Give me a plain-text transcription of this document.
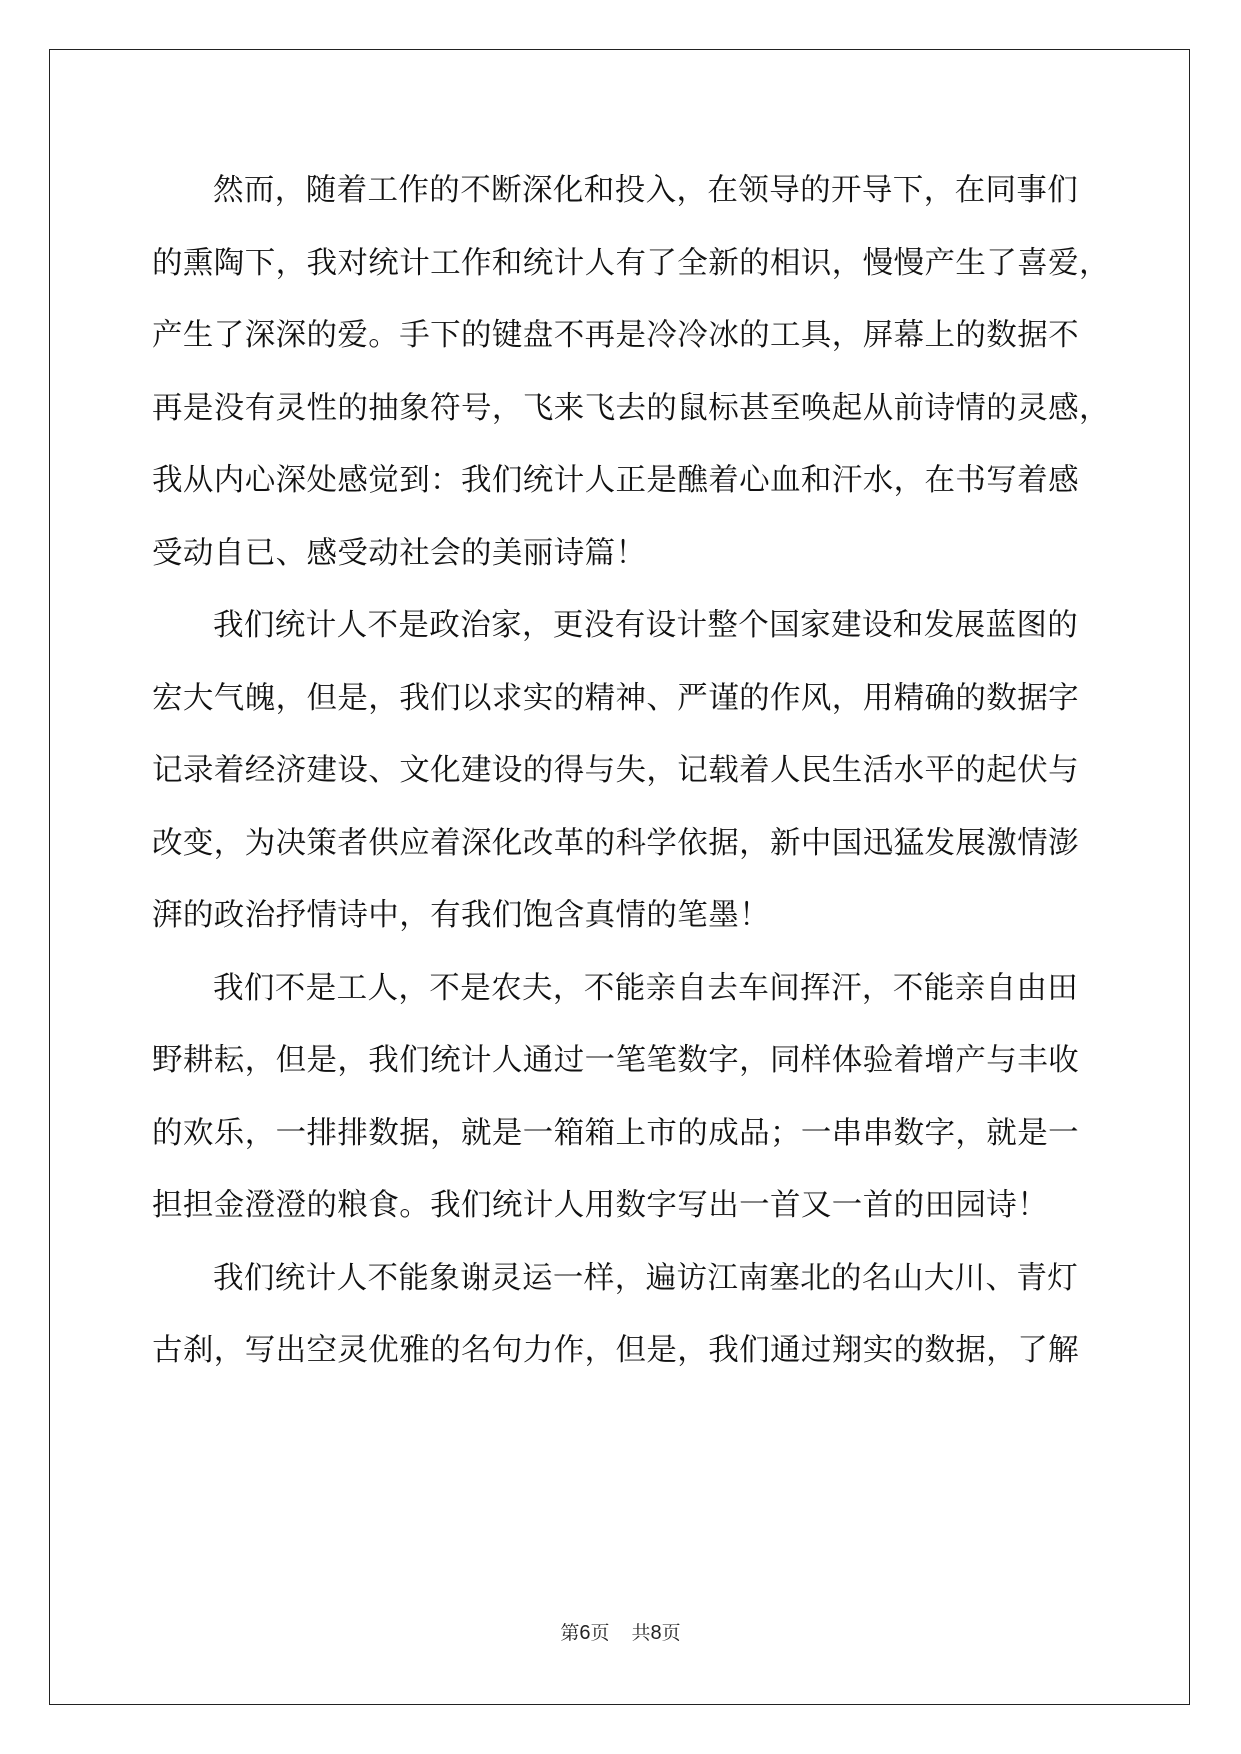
然而，随着工作的不断深化和投入，在领导的开导下，在同事们
的熏陶下，我对统计工作和统计人有了全新的相识，慢慢产生了喜爱，
产生了深深的爱。手下的键盘不再是冷冷冰的工具，屏幕上的数据不
再是没有灵性的抽象符号，飞来飞去的鼠标甚至唤起从前诗情的灵感，
我从内心深处感觉到：我们统计人正是醮着心血和汗水，在书写着感
受动自已、感受动社会的美丽诗篇！
我们统计人不是政治家，更没有设计整个国家建设和发展蓝图的
宏大气魄，但是，我们以求实的精神、严谨的作风，用精确的数据字
记录着经济建设、文化建设的得与失，记载着人民生活水平的起伏与
改变，为决策者供应着深化改革的科学依据，新中国迅猛发展激情澎
湃的政治抒情诗中，有我们饱含真情的笔墨！
我们不是工人，不是农夫，不能亲自去车间挥汗，不能亲自由田
野耕耘，但是，我们统计人通过一笔笔数字，同样体验着增产与丰收
的欢乐，一排排数据，就是一箱箱上市的成品；一串串数字，就是一
担担金澄澄的粮食。我们统计人用数字写出一首又一首的田园诗！
我们统计人不能象谢灵运一样，遍访江南塞北的名山大川、青灯
古刹，写出空灵优雅的名句力作，但是，我们通过翔实的数据，了解
第6页 共8页
